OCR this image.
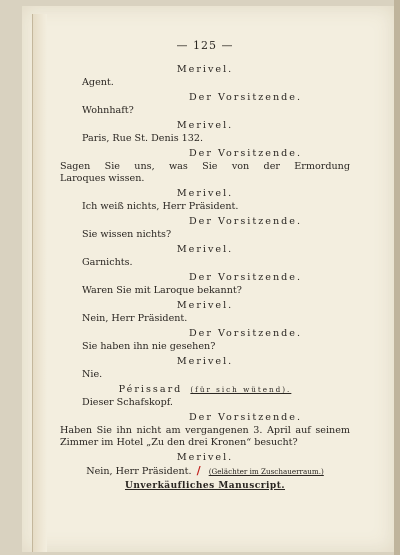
— 125 —
Merivel.
Agent.
Der Vorsitzende.
Wohnhaft?
Merivel.
Paris, Rue St. Denis 132.
Der Vorsitzende.
Sagen Sie uns, was Sie von der Ermordung
Laroques wissen.
Merivel.
Ich weiß nichts, Herr Präsident.
Der Vorsitzende.
Sie wissen nichts?
Merivel.
Garnichts.
Der Vorsitzende.
Waren Sie mit Laroque bekannt?
Merivel.
Nein, Herr Präsident.
Der Vorsitzende.
Sie haben ihn nie gesehen?
Merivel.
Nie.
Périssard (für sich wütend).
Dieser Schafskopf.
Der Vorsitzende.
Haben Sie ihn nicht am vergangenen 3. April auf seinem
Zimmer im Hotel „Zu den drei Kronen“ besucht?
Merivel.
Nein, Herr Präsident. / (Gelächter im Zuschauerraum.)
Unverkäufliches Manuscript.
